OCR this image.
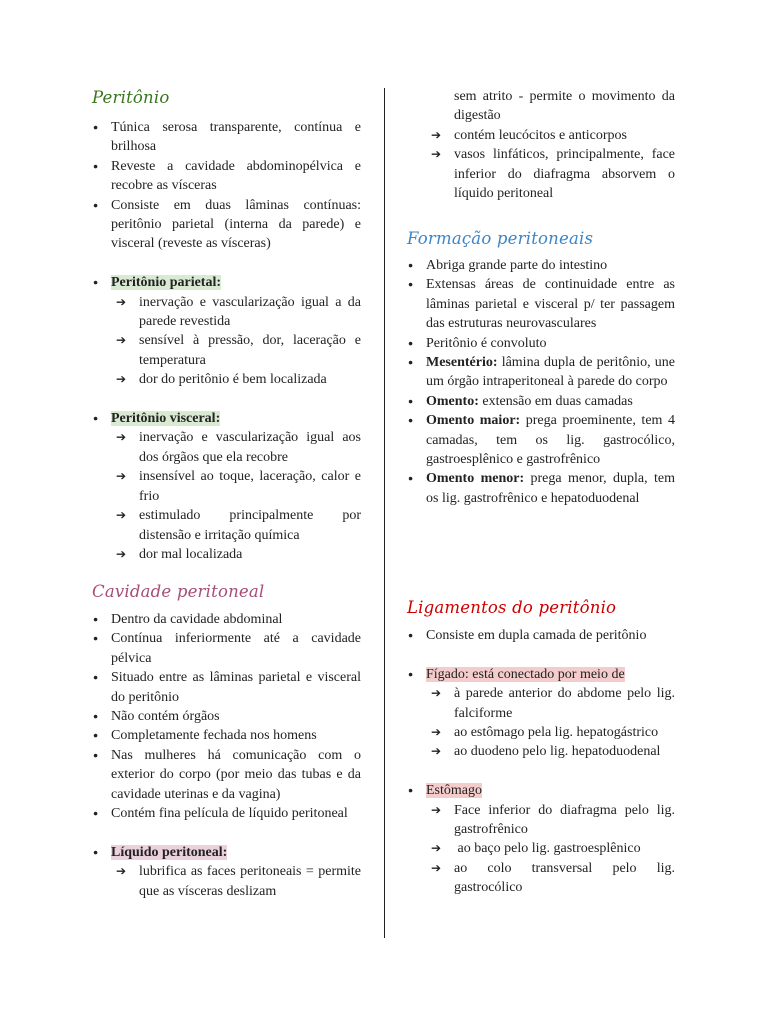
Peritônio
● Túnica serosa transparente, contínua e brilhosa
● Reveste a cavidade abdominopélvica e recobre as vísceras
● Consiste em duas lâminas contínuas: peritônio parietal (interna da parede) e visceral (reveste as vísceras)
● Peritônio parietal:
➔ inervação e vascularização igual a da parede revestida
➔ sensível à pressão, dor, laceração e temperatura
➔ dor do peritônio é bem localizada
● Peritônio visceral:
➔ inervação e vascularização igual aos dos órgãos que ela recobre
➔ insensível ao toque, laceração, calor e frio
➔ estimulado principalmente por distensão e irritação química
➔ dor mal localizada
Cavidade peritoneal
● Dentro da cavidade abdominal
● Contínua inferiormente até a cavidade pélvica
● Situado entre as lâminas parietal e visceral do peritônio
● Não contém órgãos
● Completamente fechada nos homens
● Nas mulheres há comunicação com o exterior do corpo (por meio das tubas e da cavidade uterinas e da vagina)
● Contém fina película de líquido peritoneal
● Líquido peritoneal:
➔ lubrifica as faces peritoneais = permite que as vísceras deslizam
sem atrito - permite o movimento da digestão
➔ contém leucócitos e anticorpos
➔ vasos linfáticos, principalmente, face inferior do diafragma absorvem o líquido peritoneal
Formação peritoneais
● Abriga grande parte do intestino
● Extensas áreas de continuidade entre as lâminas parietal e visceral p/ ter passagem das estruturas neurovasculares
● Peritônio é convoluto
● Mesentério: lâmina dupla de peritônio, une um órgão intraperitoneal à parede do corpo
● Omento: extensão em duas camadas
● Omento maior: prega proeminente, tem 4 camadas, tem os lig. gastrocólico, gastroesplênico e gastrofrênico
● Omento menor: prega menor, dupla, tem os lig. gastrofrênico e hepatoduodenal
Ligamentos do peritônio
● Consiste em dupla camada de peritônio
● Fígado: está conectado por meio de
➔ à parede anterior do abdome pelo lig. falciforme
➔ ao estômago pela lig. hepatogástrico
➔ ao duodeno pelo lig. hepatoduodenal
● Estômago
➔ Face inferior do diafragma pelo lig. gastrofrênico
➔ ao baço pelo lig. gastroesplênico
➔ ao colo transversal pelo lig. gastrocólico
